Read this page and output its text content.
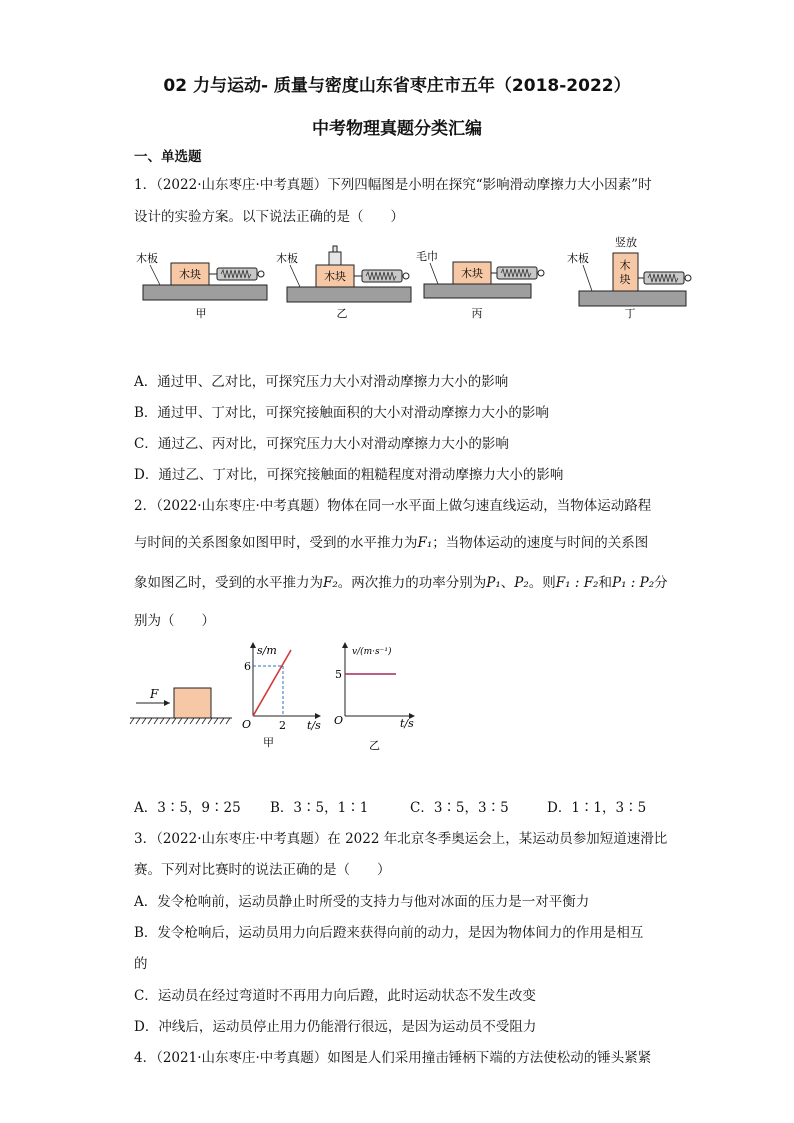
02 力与运动- 质量与密度山东省枣庄市五年（2018-2022）
中考物理真题分类汇编
一、单选题
1．（2022·山东枣庄·中考真题）下列四幅图是小明在探究“影响滑动摩擦力大小因素”时
设计的实验方案。以下说法正确的是（　　）
木板
木块
甲
木板
木块
乙
毛巾
木块
丙
木板
竖放
木
块
丁
A．通过甲、乙对比，可探究压力大小对滑动摩擦力大小的影响
B．通过甲、丁对比，可探究接触面积的大小对滑动摩擦力大小的影响
C．通过乙、丙对比，可探究压力大小对滑动摩擦力大小的影响
D．通过乙、丁对比，可探究接触面的粗糙程度对滑动摩擦力大小的影响
2．（2022·山东枣庄·中考真题）物体在同一水平面上做匀速直线运动，当物体运动路程
与时间的关系图象如图甲时，受到的水平推力为F₁；当物体运动的速度与时间的关系图
象如图乙时，受到的水平推力为F₂。两次推力的功率分别为P₁、P₂。则F₁ : F₂和P₁ : P₂分
别为（　　）
F
s/m
6
O	2 t/s
甲
v/(m·s⁻¹)
5
O	t/s
乙
A．3∶5，9∶25 B．3∶5，1∶1	C．3∶5，3∶5	D．1∶1，3∶5
3．（2022·山东枣庄·中考真题）在 2022 年北京冬季奥运会上，某运动员参加短道速滑比
赛。下列对比赛时的说法正确的是（　　）
A．发令枪响前，运动员静止时所受的支持力与他对冰面的压力是一对平衡力
B．发令枪响后，运动员用力向后蹬来获得向前的动力，是因为物体间力的作用是相互
的
C．运动员在经过弯道时不再用力向后蹬，此时运动状态不发生改变
D．冲线后，运动员停止用力仍能滑行很远，是因为运动员不受阻力
4．（2021·山东枣庄·中考真题）如图是人们采用撞击锤柄下端的方法使松动的锤头紧紧
